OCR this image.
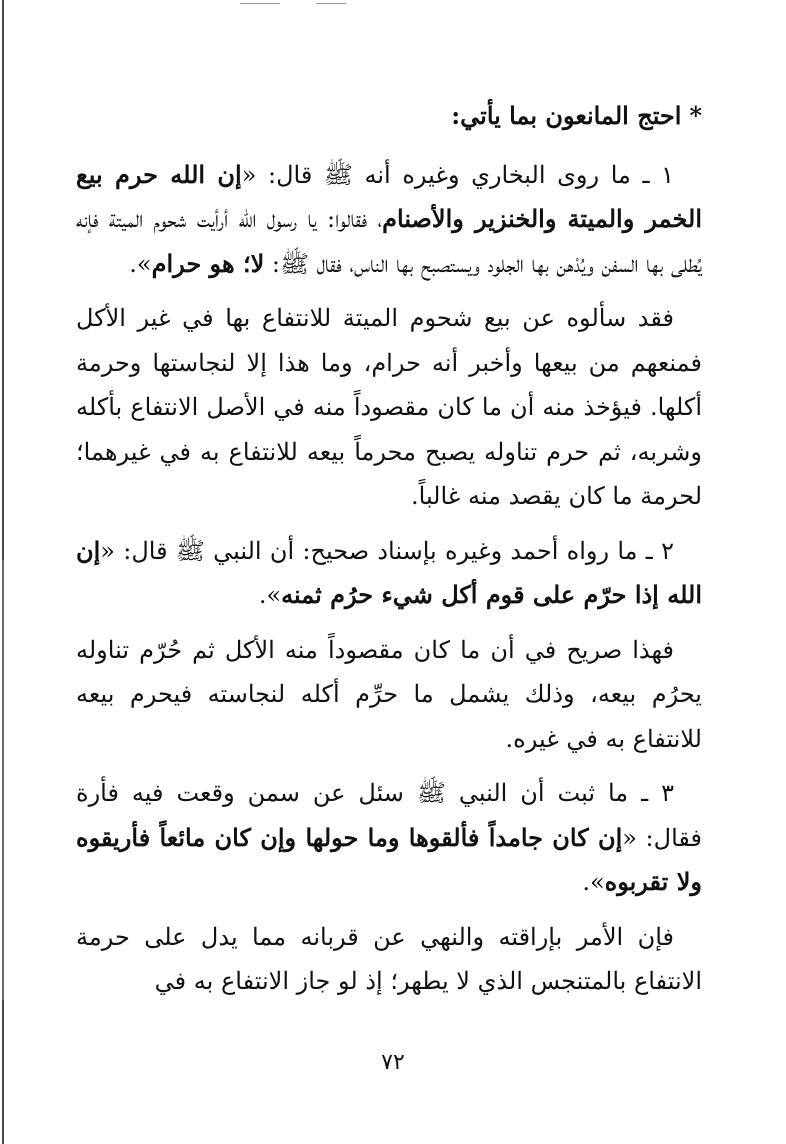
*احتج المانعون بما يأتي:

١ ـ ما روى البخاري وغيره أنه ﷺ قال: «إن الله حرم بيع الخمر والميتة والخنزير والأصنام، فقالوا: يا رسول الله أرأيت شحوم الميتة فإنه يُطلى بها السفن ويُدْهن بها الجلود ويستصبح بها الناس، فقال ﷺ: لا؛ هو حرام».

فقد سألوه عن بيع شحوم الميتة للانتفاع بها في غير الأكل فمنعهم من بيعها وأخبر أنه حرام، وما هذا إلا لنجاستها وحرمة أكلها. فيؤخذ منه أن ما كان مقصوداً منه في الأصل الانتفاع بأكله وشربه، ثم حرم تناوله يصبح محرماً بيعه للانتفاع به في غيرهما؛ لحرمة ما كان يقصد منه غالباً.

٢ ـ ما رواه أحمد وغيره بإسناد صحيح: أن النبي ﷺ قال: «إن الله إذا حرّم على قوم أكل شيء حرُم ثمنه».

فهذا صريح في أن ما كان مقصوداً منه الأكل ثم حُرّم تناوله يحرُم بيعه، وذلك يشمل ما حرِّم أكله لنجاسته فيحرم بيعه للانتفاع به في غيره.

٣ ـ ما ثبت أن النبي ﷺ سئل عن سمن وقعت فيه فأرة فقال: «إن كان جامداً فألقوها وما حولها وإن كان مائعاً فأريقوه ولا تقربوه».

فإن الأمر بإراقته والنهي عن قربانه مما يدل على حرمة الانتفاع بالمتنجس الذي لا يطهر؛ إذ لو جاز الانتفاع به في

٧٢
